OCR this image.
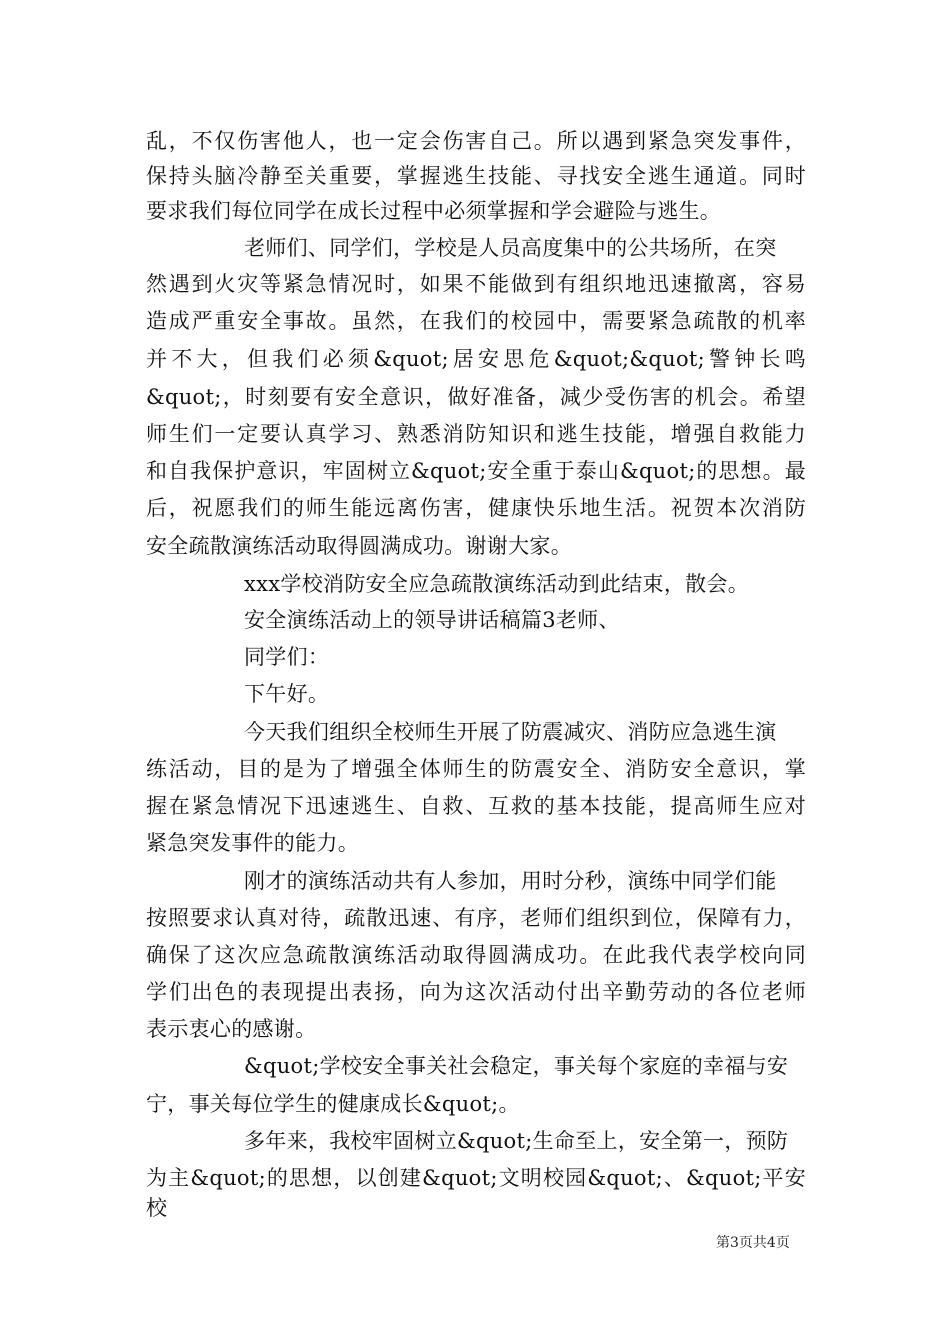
乱，不仅伤害他人，也一定会伤害自己。所以遇到紧急突发事件，
保持头脑冷静至关重要，掌握逃生技能、寻找安全逃生通道。同时
要求我们每位同学在成长过程中必须掌握和学会避险与逃生。
老师们、同学们，学校是人员高度集中的公共场所，在突
然遇到火灾等紧急情况时，如果不能做到有组织地迅速撤离，容易
造成严重安全事故。虽然，在我们的校园中，需要紧急疏散的机率
并不大，但我们必须&quot;居安思危&quot;&quot;警钟长鸣
&quot;，时刻要有安全意识，做好准备，减少受伤害的机会。希望
师生们一定要认真学习、熟悉消防知识和逃生技能，增强自救能力
和自我保护意识，牢固树立&quot;安全重于泰山&quot;的思想。最
后，祝愿我们的师生能远离伤害，健康快乐地生活。祝贺本次消防
安全疏散演练活动取得圆满成功。谢谢大家。
xxx学校消防安全应急疏散演练活动到此结束，散会。
安全演练活动上的领导讲话稿篇3老师、
同学们：
下午好。
今天我们组织全校师生开展了防震减灾、消防应急逃生演
练活动，目的是为了增强全体师生的防震安全、消防安全意识，掌
握在紧急情况下迅速逃生、自救、互救的基本技能，提高师生应对
紧急突发事件的能力。
刚才的演练活动共有人参加，用时分秒，演练中同学们能
按照要求认真对待，疏散迅速、有序，老师们组织到位，保障有力，
确保了这次应急疏散演练活动取得圆满成功。在此我代表学校向同
学们出色的表现提出表扬，向为这次活动付出辛勤劳动的各位老师
表示衷心的感谢。
&quot;学校安全事关社会稳定，事关每个家庭的幸福与安
宁，事关每位学生的健康成长&quot;。
多年来，我校牢固树立&quot;生命至上，安全第一，预防
为主&quot;的思想，以创建&quot;文明校园&quot;、&quot;平安校
第3页共4页
